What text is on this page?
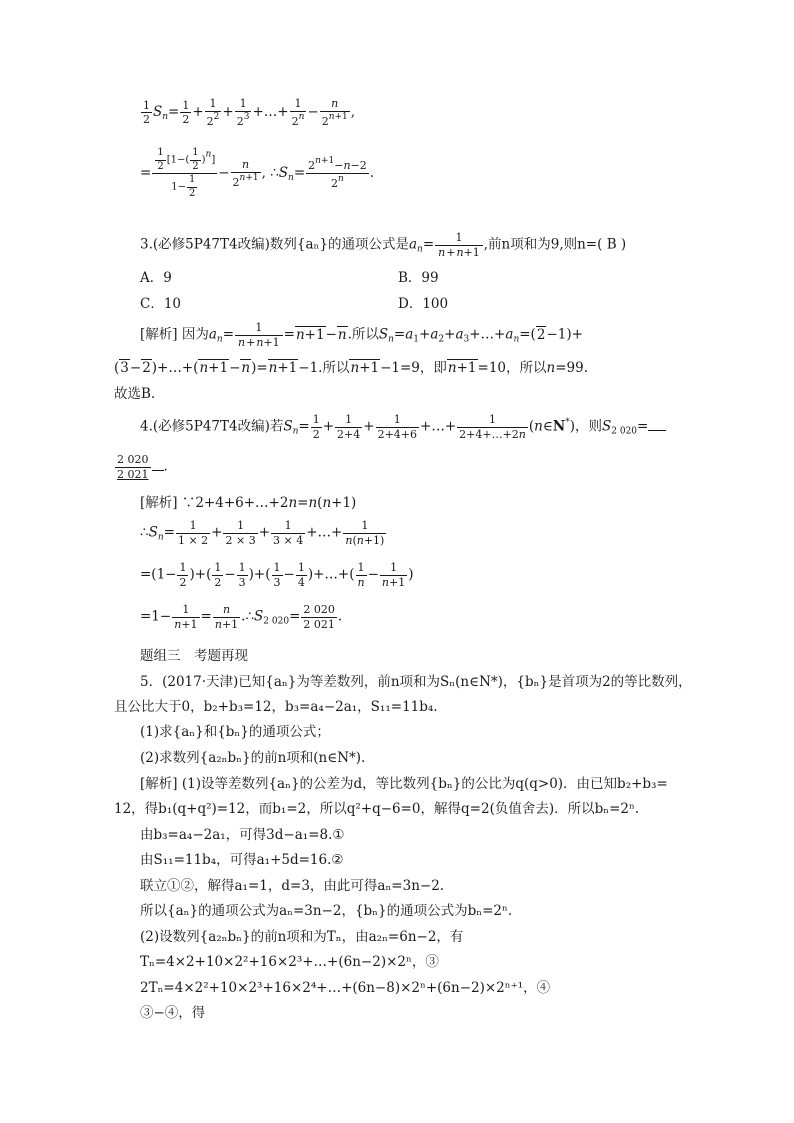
$\frac{1}{2} S_n= \frac{1}{2} + \frac{1}{2^2} + \frac{1}{2^3}$ +…+ $\frac{1}{2^n} - \frac{n}{2^{n+1}}$ ,
= $\frac{\frac{1}{2} [1-( \frac{1}{2} )n]}{1- \frac{1}{2}} - \frac{n}{2^{n+1}}$ , $\therefore S_n= \frac{2^{n+1}-n-2}{2^n}$ .
3.(必修5P47T4改编)数列{aₙ}的通项公式是$a_n= \frac{1}{n+n+1}$ ,前n项和为9,则n=( B )
A．9	B．99
C．10	D．100
[解析] 因为$a_n= \frac{1}{n+n+1} =n+1-n$.所以$S_n=a_1+a_2+a_3+\dots+a_n=(2-1)+$
(3−2)+…+(n+1−n)=n+1−1.所以n+1−1=9，即n+1=10，所以n=99.
故选B.
4.(必修5P47T4改编)若$S_n= \frac{1}{2} + \frac{1}{2+4} + \frac{1}{2+4+6}$ +…+ $\frac{1}{2+4+\dots+2n}$ (n∈N*)，则$S_{2 020}=$
$\frac{2 020}{2 021}$ .
[解析] ∵2+4+6+…+2n=n(n+1)
$\therefore S_n= \frac{1}{1 \times 2} + \frac{1}{2 \times 3} + \frac{1}{3 \times 4}$ +…+ $\frac{1}{n(n+1)}$
$=(1- \frac{1}{2}$ )+( $\frac{1}{2} - \frac{1}{3}$ )+( $\frac{1}{3} - \frac{1}{4}$ )+…+( $\frac{1}{n} - \frac{1}{n+1}$ )
$=1- \frac{1}{n+1} = \frac{n}{n+1}$ $.\therefore S_{2 020}= \frac{2 020}{2 021}$ .
题组三　考题再现
5．(2017·天津)已知{aₙ}为等差数列，前n项和为Sₙ(n∈N*)，{bₙ}是首项为2的等比数列，
且公比大于0，b₂+b₃=12，b₃=a₄−2a₁，S₁₁=11b₄.
(1)求{aₙ}和{bₙ}的通项公式；
(2)求数列{a₂ₙbₙ}的前n项和(n∈N*).
[解析] (1)设等差数列{aₙ}的公差为d，等比数列{bₙ}的公比为q(q>0)．由已知b₂+b₃=
12，得b₁(q+q²)=12，而b₁=2，所以q²+q−6=0，解得q=2(负值舍去)．所以bₙ=2ⁿ.
由b₃=a₄−2a₁，可得3d−a₁=8.①
由S₁₁=11b₄，可得a₁+5d=16.②
联立①②，解得a₁=1，d=3，由此可得aₙ=3n−2.
所以{aₙ}的通项公式为aₙ=3n−2，{bₙ}的通项公式为bₙ=2ⁿ.
(2)设数列{a₂ₙbₙ}的前n项和为Tₙ，由a₂ₙ=6n−2，有
Tₙ=4×2+10×2²+16×2³+…+(6n−2)×2ⁿ，③
2Tₙ=4×2²+10×2³+16×2⁴+…+(6n−8)×2ⁿ+(6n−2)×2ⁿ⁺¹，④
③−④，得
